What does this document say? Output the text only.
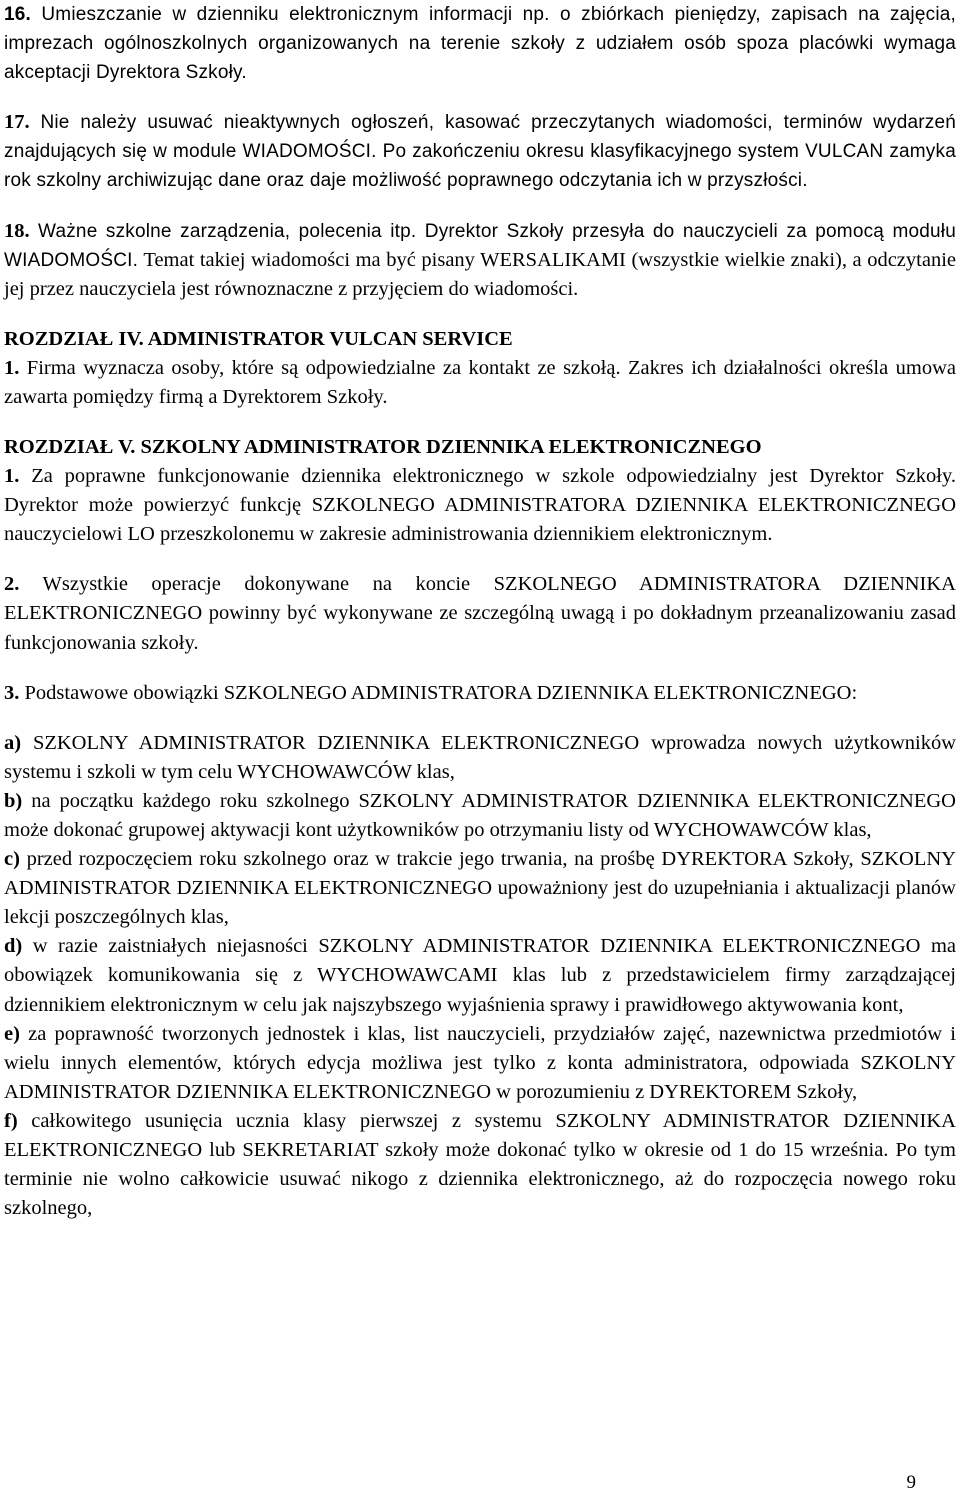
16. Umieszczanie w dzienniku elektronicznym informacji np. o zbiórkach pieniędzy, zapisach na zajęcia, imprezach ogólnoszkolnych organizowanych na terenie szkoły z udziałem osób spoza placówki wymaga akceptacji Dyrektora Szkoły.

17. Nie należy usuwać nieaktywnych ogłoszeń, kasować przeczytanych wiadomości, terminów wydarzeń znajdujących się w module WIADOMOŚCI. Po zakończeniu okresu klasyfikacyjnego system VULCAN zamyka rok szkolny archiwizując dane oraz daje możliwość poprawnego odczytania ich w przyszłości.

18. Ważne szkolne zarządzenia, polecenia itp. Dyrektor Szkoły przesyła do nauczycieli za pomocą modułu WIADOMOŚCI. Temat takiej wiadomości ma być pisany WERSALIKAMI (wszystkie wielkie znaki), a odczytanie jej przez nauczyciela jest równoznaczne z przyjęciem do wiadomości.

ROZDZIAŁ IV. ADMINISTRATOR VULCAN SERVICE

1. Firma wyznacza osoby, które są odpowiedzialne za kontakt ze szkołą. Zakres ich działalności określa umowa zawarta pomiędzy firmą a Dyrektorem Szkoły.

ROZDZIAŁ V. SZKOLNY ADMINISTRATOR DZIENNIKA ELEKTRONICZNEGO

1. Za poprawne funkcjonowanie dziennika elektronicznego w szkole odpowiedzialny jest Dyrektor Szkoły. Dyrektor może powierzyć funkcję SZKOLNEGO ADMINISTRATORA DZIENNIKA ELEKTRONICZNEGO nauczycielowi LO przeszkolonemu w zakresie administrowania dziennikiem elektronicznym.

2. Wszystkie operacje dokonywane na koncie SZKOLNEGO ADMINISTRATORA DZIENNIKA ELEKTRONICZNEGO powinny być wykonywane ze szczególną uwagą i po dokładnym przeanalizowaniu zasad funkcjonowania szkoły.

3. Podstawowe obowiązki SZKOLNEGO ADMINISTRATORA DZIENNIKA ELEKTRONICZNEGO:

a) SZKOLNY ADMINISTRATOR DZIENNIKA ELEKTRONICZNEGO wprowadza nowych użytkowników systemu i szkoli w tym celu WYCHOWAWCÓW klas,

b) na początku każdego roku szkolnego SZKOLNY ADMINISTRATOR DZIENNIKA ELEKTRONICZNEGO może dokonać grupowej aktywacji kont użytkowników po otrzymaniu listy od WYCHOWAWCÓW klas,

c) przed rozpoczęciem roku szkolnego oraz w trakcie jego trwania, na prośbę DYREKTORA Szkoły, SZKOLNY ADMINISTRATOR DZIENNIKA ELEKTRONICZNEGO upoważniony jest do uzupełniania i aktualizacji planów lekcji poszczególnych klas,

d) w razie zaistniałych niejasności SZKOLNY ADMINISTRATOR DZIENNIKA ELEKTRONICZNEGO ma obowiązek komunikowania się z WYCHOWAWCAMI klas lub z przedstawicielem firmy zarządzającej dziennikiem elektronicznym w celu jak najszybszego wyjaśnienia sprawy i prawidłowego aktywowania kont,

e) za poprawność tworzonych jednostek i klas, list nauczycieli, przydziałów zajęć, nazewnictwa przedmiotów i wielu innych elementów, których edycja możliwa jest tylko z konta administratora, odpowiada SZKOLNY ADMINISTRATOR DZIENNIKA ELEKTRONICZNEGO w porozumieniu z DYREKTOREM Szkoły,

f) całkowitego usunięcia ucznia klasy pierwszej z systemu SZKOLNY ADMINISTRATOR DZIENNIKA ELEKTRONICZNEGO lub SEKRETARIAT szkoły może dokonać tylko w okresie od 1 do 15 września. Po tym terminie nie wolno całkowicie usuwać nikogo z dziennika elektronicznego, aż do rozpoczęcia nowego roku szkolnego,

9
